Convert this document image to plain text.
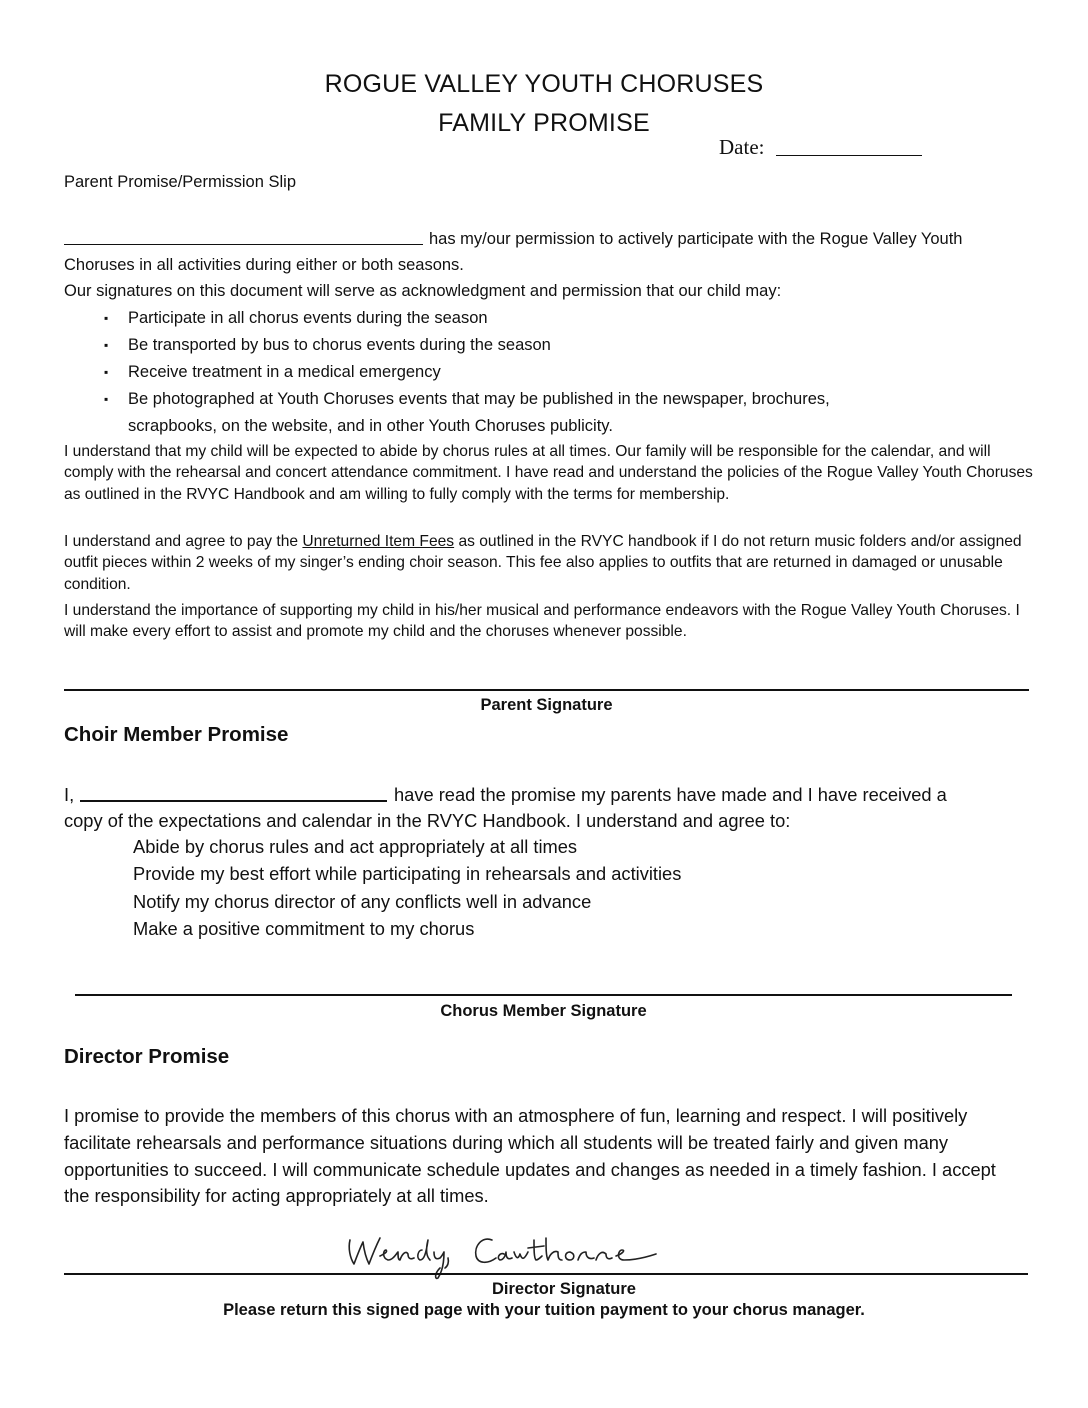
ROGUE VALLEY YOUTH CHORUSES
FAMILY PROMISE
Date:
Parent Promise/Permission Slip
has my/our permission to actively participate with the Rogue Valley Youth
Choruses in all activities during either or both seasons.
Our signatures on this document will serve as acknowledgment and permission that our child may:
▪ Participate in all chorus events during the season
▪ Be transported by bus to chorus events during the season
▪ Receive treatment in a medical emergency
▪ Be photographed at Youth Choruses events that may be published in the newspaper, brochures,
scrapbooks, on the website, and in other Youth Choruses publicity.
I understand that my child will be expected to abide by chorus rules at all times. Our family will be responsible for the calendar, and will comply with the rehearsal and concert attendance commitment. I have read and understand the policies of the Rogue Valley Youth Choruses as outlined in the RVYC Handbook and am willing to fully comply with the terms for membership.
I understand and agree to pay the Unreturned Item Fees as outlined in the RVYC handbook if I do not return music folders and/or assigned outfit pieces within 2 weeks of my singer’s ending choir season. This fee also applies to outfits that are returned in damaged or unusable condition.
I understand the importance of supporting my child in his/her musical and performance endeavors with the Rogue Valley Youth Choruses. I will make every effort to assist and promote my child and the choruses whenever possible.
Parent Signature
Choir Member Promise
I,	have read the promise my parents have made and I have received a
copy of the expectations and calendar in the RVYC Handbook. I understand and agree to:
Abide by chorus rules and act appropriately at all times
Provide my best effort while participating in rehearsals and activities
Notify my chorus director of any conflicts well in advance
Make a positive commitment to my chorus
Chorus Member Signature
Director Promise
I promise to provide the members of this chorus with an atmosphere of fun, learning and respect. I will positively facilitate rehearsals and performance situations during which all students will be treated fairly and given many opportunities to succeed. I will communicate schedule updates and changes as needed in a timely fashion. I accept the responsibility for acting appropriately at all times.
Director Signature
Please return this signed page with your tuition payment to your chorus manager.
